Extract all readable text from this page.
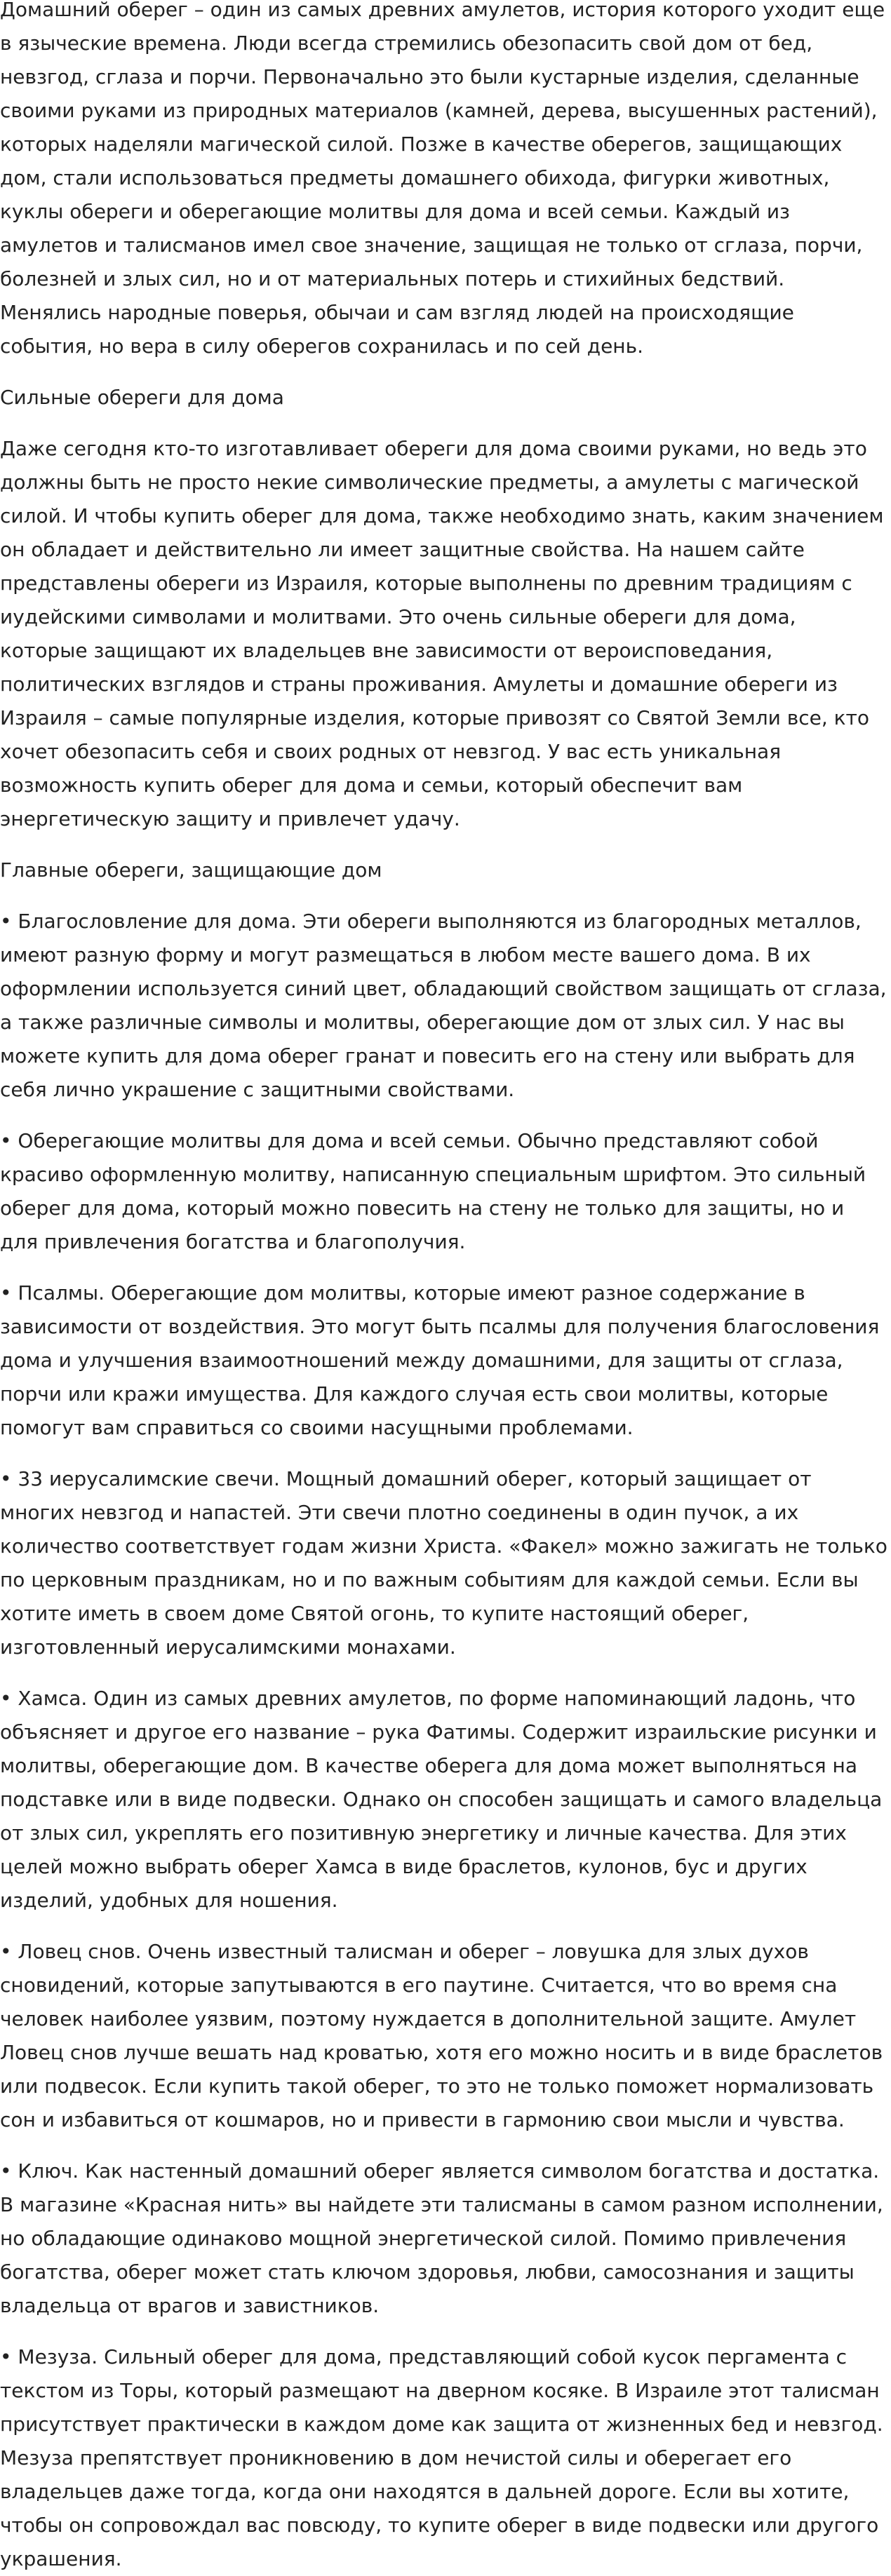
Домашний оберег – один из самых древних амулетов, история которого уходит еще в языческие времена. Люди всегда стремились обезопасить свой дом от бед, невзгод, сглаза и порчи. Первоначально это были кустарные изделия, сделанные своими руками из природных материалов (камней, дерева, высушенных растений), которых наделяли магической силой. Позже в качестве оберегов, защищающих дом, стали использоваться предметы домашнего обихода, фигурки животных, куклы обереги и оберегающие молитвы для дома и всей семьи. Каждый из амулетов и талисманов имел свое значение, защищая не только от сглаза, порчи, болезней и злых сил, но и от материальных потерь и стихийных бедствий. Менялись народные поверья, обычаи и сам взгляд людей на происходящие события, но вера в силу оберегов сохранилась и по сей день.

Сильные обереги для дома

Даже сегодня кто-то изготавливает обереги для дома своими руками, но ведь это должны быть не просто некие символические предметы, а амулеты с магической силой. И чтобы купить оберег для дома, также необходимо знать, каким значением он обладает и действительно ли имеет защитные свойства. На нашем сайте представлены обереги из Израиля, которые выполнены по древним традициям с иудейскими символами и молитвами. Это очень сильные обереги для дома, которые защищают их владельцев вне зависимости от вероисповедания, политических взглядов и страны проживания. Амулеты и домашние обереги из Израиля – самые популярные изделия, которые привозят со Святой Земли все, кто хочет обезопасить себя и своих родных от невзгод. У вас есть уникальная возможность купить оберег для дома и семьи, который обеспечит вам энергетическую защиту и привлечет удачу.

Главные обереги, защищающие дом

• Благословление для дома. Эти обереги выполняются из благородных металлов, имеют разную форму и могут размещаться в любом месте вашего дома. В их оформлении используется синий цвет, обладающий свойством защищать от сглаза, а также различные символы и молитвы, оберегающие дом от злых сил. У нас вы можете купить для дома оберег гранат и повесить его на стену или выбрать для себя лично украшение с защитными свойствами.

• Оберегающие молитвы для дома и всей семьи. Обычно представляют собой красиво оформленную молитву, написанную специальным шрифтом. Это сильный оберег для дома, который можно повесить на стену не только для защиты, но и для привлечения богатства и благополучия.

• Псалмы. Оберегающие дом молитвы, которые имеют разное содержание в зависимости от воздействия. Это могут быть псалмы для получения благословения дома и улучшения взаимоотношений между домашними, для защиты от сглаза, порчи или кражи имущества. Для каждого случая есть свои молитвы, которые помогут вам справиться со своими насущными проблемами.

• 33 иерусалимские свечи. Мощный домашний оберег, который защищает от многих невзгод и напастей. Эти свечи плотно соединены в один пучок, а их количество соответствует годам жизни Христа. «Факел» можно зажигать не только по церковным праздникам, но и по важным событиям для каждой семьи. Если вы хотите иметь в своем доме Святой огонь, то купите настоящий оберег, изготовленный иерусалимскими монахами.

• Хамса. Один из самых древних амулетов, по форме напоминающий ладонь, что объясняет и другое его название – рука Фатимы. Содержит израильские рисунки и молитвы, оберегающие дом. В качестве оберега для дома может выполняться на подставке или в виде подвески. Однако он способен защищать и самого владельца от злых сил, укреплять его позитивную энергетику и личные качества. Для этих целей можно выбрать оберег Хамса в виде браслетов, кулонов, бус и других изделий, удобных для ношения.

• Ловец снов. Очень известный талисман и оберег – ловушка для злых духов сновидений, которые запутываются в его паутине. Считается, что во время сна человек наиболее уязвим, поэтому нуждается в дополнительной защите. Амулет Ловец снов лучше вешать над кроватью, хотя его можно носить и в виде браслетов или подвесок. Если купить такой оберег, то это не только поможет нормализовать сон и избавиться от кошмаров, но и привести в гармонию свои мысли и чувства.

• Ключ. Как настенный домашний оберег является символом богатства и достатка. В магазине «Красная нить» вы найдете эти талисманы в самом разном исполнении, но обладающие одинаково мощной энергетической силой. Помимо привлечения богатства, оберег может стать ключом здоровья, любви, самосознания и защиты владельца от врагов и завистников.

• Мезуза. Сильный оберег для дома, представляющий собой кусок пергамента с текстом из Торы, который размещают на дверном косяке. В Израиле этот талисман присутствует практически в каждом доме как защита от жизненных бед и невзгод. Мезуза препятствует проникновению в дом нечистой силы и оберегает его владельцев даже тогда, когда они находятся в дальней дороге. Если вы хотите, чтобы он сопровождал вас повсюду, то купите оберег в виде подвески или другого украшения.
